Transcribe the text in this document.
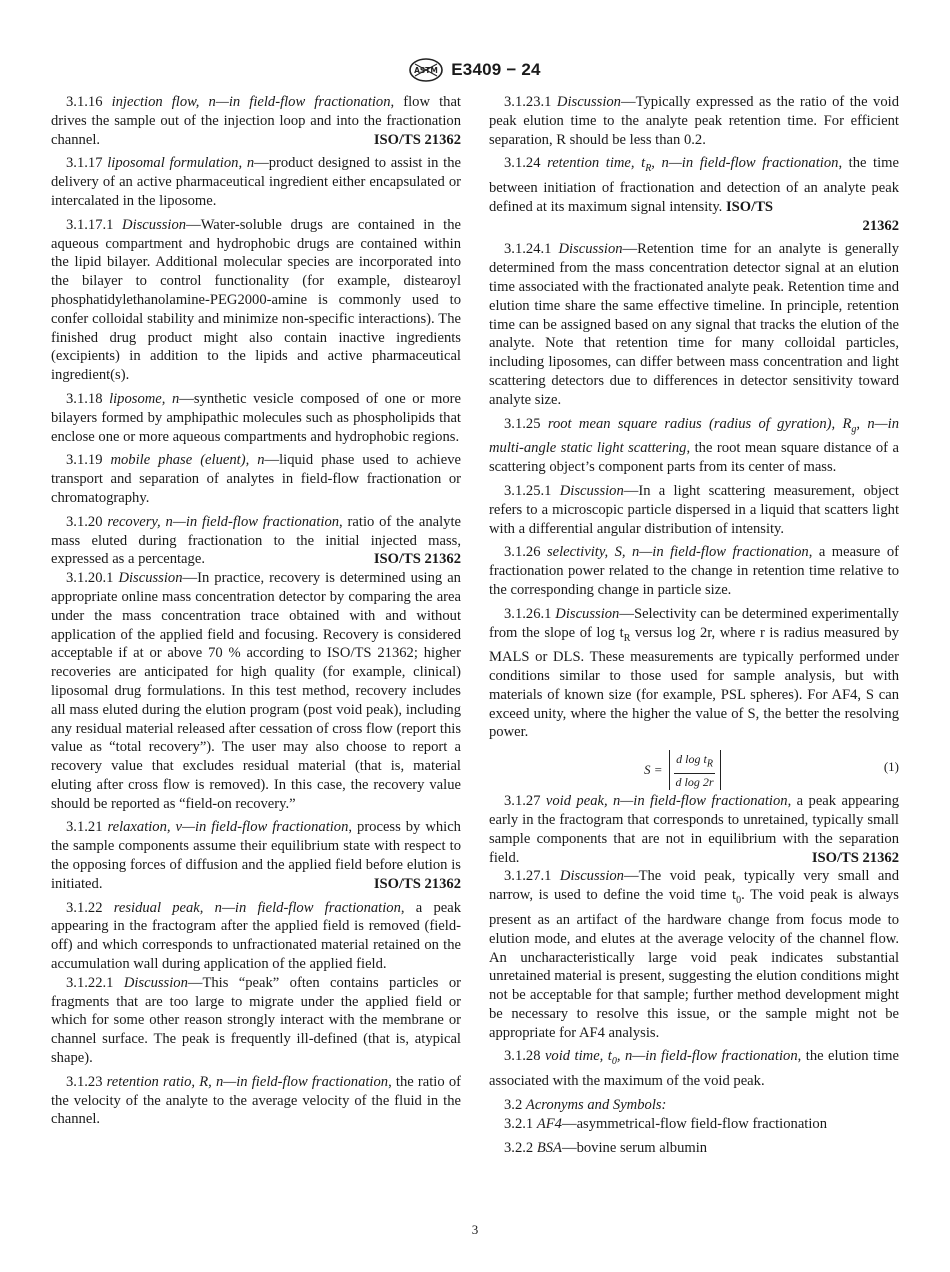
ASTM E3409 − 24

3.1.16 injection flow, n—in field-flow fractionation, flow that drives the sample out of the injection loop and into the fractionation channel.	ISO/TS 21362

3.1.17 liposomal formulation, n—product designed to assist in the delivery of an active pharmaceutical ingredient either encapsulated or intercalated in the liposome.

3.1.17.1 Discussion—Water-soluble drugs are contained in the aqueous compartment and hydrophobic drugs are contained within the lipid bilayer. Additional molecular species are incorporated into the bilayer to control functionality (for example, distearoyl phosphatidylethanolamine-PEG2000-amine is commonly used to confer colloidal stability and minimize non-specific interactions). The finished drug product might also contain inactive ingredients (excipients) in addition to the lipids and active pharmaceutical ingredient(s).

3.1.18 liposome, n—synthetic vesicle composed of one or more bilayers formed by amphipathic molecules such as phospholipids that enclose one or more aqueous compartments and hydrophobic regions.

3.1.19 mobile phase (eluent), n—liquid phase used to achieve transport and separation of analytes in field-flow fractionation or chromatography.

3.1.20 recovery, n—in field-flow fractionation, ratio of the analyte mass eluted during fractionation to the initial injected mass, expressed as a percentage.	ISO/TS 21362

3.1.20.1 Discussion—In practice, recovery is determined using an appropriate online mass concentration detector by comparing the area under the mass concentration trace obtained with and without application of the applied field and focusing. Recovery is considered acceptable if at or above 70 % according to ISO/TS 21362; higher recoveries are anticipated for high quality (for example, clinical) liposomal drug formulations. In this test method, recovery includes all mass eluted during the elution program (post void peak), including any residual material released after cessation of cross flow (report this value as “total recovery”). The user may also choose to report a recovery value that excludes residual material (that is, material eluting after cross flow is removed). In this case, the recovery value should be reported as “field-on recovery.”

3.1.21 relaxation, v—in field-flow fractionation, process by which the sample components assume their equilibrium state with respect to the opposing forces of diffusion and the applied field before elution is initiated.	ISO/TS 21362

3.1.22 residual peak, n—in field-flow fractionation, a peak appearing in the fractogram after the applied field is removed (field-off) and which corresponds to unfractionated material retained on the accumulation wall during application of the applied field.

3.1.22.1 Discussion—This “peak” often contains particles or fragments that are too large to migrate under the applied field or which for some other reason strongly interact with the membrane or channel surface. The peak is frequently ill-defined (that is, atypical shape).

3.1.23 retention ratio, R, n—in field-flow fractionation, the ratio of the velocity of the analyte to the average velocity of the fluid in the channel.

3.1.23.1 Discussion—Typically expressed as the ratio of the void peak elution time to the analyte peak retention time. For efficient separation, R should be less than 0.2.

3.1.24 retention time, $t_R$, n—in field-flow fractionation, the time between initiation of fractionation and detection of an analyte peak defined at its maximum signal intensity. ISO/TS
21362

3.1.24.1 Discussion—Retention time for an analyte is generally determined from the mass concentration detector signal at an elution time associated with the fractionated analyte peak. Retention time and elution time share the same effective timeline. In principle, retention time can be assigned based on any signal that tracks the elution of the analyte. Note that retention time for many colloidal particles, including liposomes, can differ between mass concentration and light scattering detectors due to differences in detector sensitivity toward analyte size.

3.1.25 root mean square radius (radius of gyration), $R_g$, n—in multi-angle static light scattering, the root mean square distance of a scattering object’s component parts from its center of mass.

3.1.25.1 Discussion—In a light scattering measurement, object refers to a microscopic particle dispersed in a liquid that scatters light with a differential angular distribution of intensity.

3.1.26 selectivity, S, n—in field-flow fractionation, a measure of fractionation power related to the change in retention time relative to the corresponding change in particle size.

3.1.26.1 Discussion—Selectivity can be determined experimentally from the slope of $\log t_R$ versus log 2r, where r is radius measured by MALS or DLS. These measurements are typically performed under conditions similar to those used for sample analysis, but with materials of known size (for example, PSL spheres). For AF4, S can exceed unity, where the higher the value of S, the better the resolving power.

$S = \frac{d \log t_R}{\text{d log 2r}}$	(1)

3.1.27 void peak, n—in field-flow fractionation, a peak appearing early in the fractogram that corresponds to unretained, typically small sample components that are not in equilibrium with the separation field.	ISO/TS 21362

3.1.27.1 Discussion—The void peak, typically very small and narrow, is used to define the void time $t_0$. The void peak is always present as an artifact of the hardware change from focus mode to elution mode, and elutes at the average velocity of the channel flow. An uncharacteristically large void peak indicates substantial unretained material is present, suggesting the elution conditions might not be acceptable for that sample; further method development might be necessary to resolve this issue, or the sample might not be appropriate for AF4 analysis.

3.1.28 void time, $t_0$, n—in field-flow fractionation, the elution time associated with the maximum of the void peak.

3.2 Acronyms and Symbols:

3.2.1 AF4—asymmetrical-flow field-flow fractionation

3.2.2 BSA—bovine serum albumin

3
